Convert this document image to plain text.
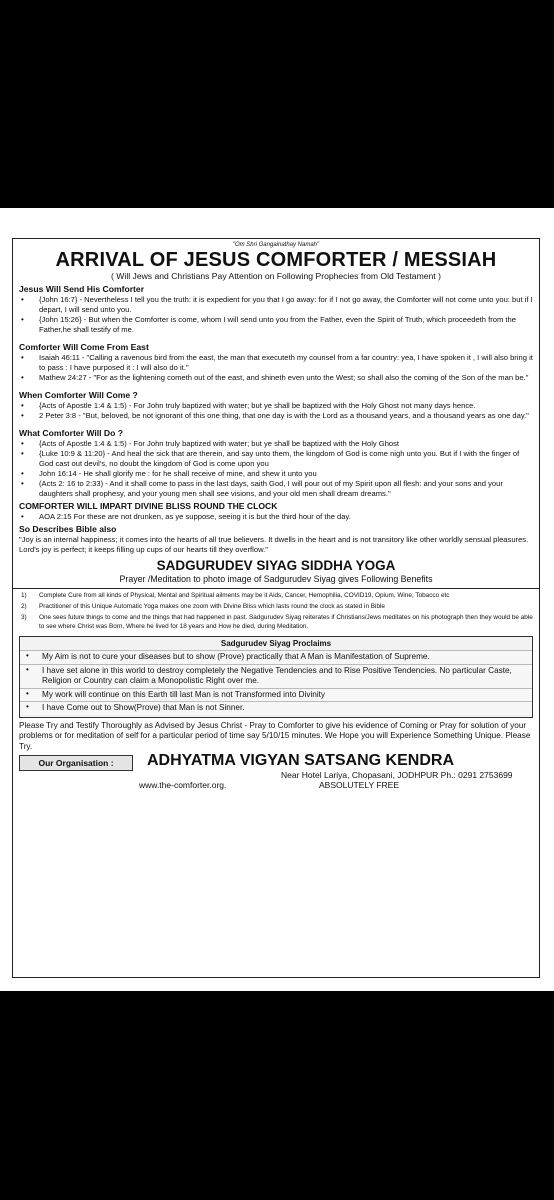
"Om Shri Gangainathay Namah"
ARRIVAL OF JESUS COMFORTER / MESSIAH
( Will Jews and Christians Pay Attention on Following Prophecies from Old Testament )
Jesus Will Send His Comforter
• {John 16:7} - Nevertheless I tell you the truth: it is expedient for you that I go away: for if I not go away, the Comforter will not come unto you: but if I depart, I will send unto you.
• {John 15:26} - But when the Comforter is come, whom I will send unto you from the Father, even the Spirit of Truth, which proceedeth from the Father,he shall testify of me.
Comforter Will Come From East
• Isaiah 46:11 - "Calling a ravenous bird from the east, the man that executeth my counsel from a far country: yea, I have spoken it , I will also bring it to pass : I have purposed it : I will also do it."
• Mathew 24:27 - "For as the lightening cometh out of the east, and shineth even unto the West; so shall also the coming of the Son of the man be."
When Comforter Will Come ?
• {Acts of Apostle 1:4 & 1:5) - For John truly baptized with water; but ye shall be baptized with the Holy Ghost not many days hence.
• 2 Peter 3:8 - "But, beloved, be not ignorant of this one thing, that one day is with the Lord as a thousand years, and a thousand years as one day."
What Comforter Will Do ?
• {Acts of Apostle 1:4 & 1:5) - For John truly baptized with water; but ye shall be baptized with the Holy Ghost
• {Luke 10:9 & 11:20} - And heal the sick that are therein, and say unto them, the kingdom of God is come nigh unto you. But if I with the finger of God cast out devil's, no doubt the kingdom of God is come upon you
• John 16:14 - He shall glorify me : for he shall receive of mine, and shew it unto you
• (Acts 2: 16 to 2:33) - And it shall come to pass in the last days, saith God, I will pour out of my Spirit upon all flesh: and your sons and your daughters shall prophesy, and your young men shall see visions, and your old men shall dream dreams."
COMFORTER WILL IMPART DIVINE BLISS ROUND THE CLOCK
• AOA 2:15 For these are not drunken, as ye suppose, seeing it is but the third hour of the day.
So Describes Bible also
"Joy is an internal happiness; it comes into the hearts of all true believers. It dwells in the heart and is not transitory like other worldly sensual pleasures. Lord's joy is perfect; it keeps filling up cups of our hearts till they overflow."
SADGURUDEV SIYAG SIDDHA YOGA
Prayer /Meditation to photo image of Sadgurudev Siyag gives Following Benefits
1) Complete Cure from all kinds of Physical, Mental and Spiritual ailments may be it Aids, Cancer, Hemophilia, COVID19, Opium, Wine, Tobacco etc
2) Practitioner of this Unique Automatic Yoga makes one zoom with Divine Bliss which lasts round the clock as stated in Bible
3) One sees future things to come and the things that had happened in past. Sadgurudev Siyag reiterates if Christians/Jews meditates on his photograph then they would be able to see where Christ was Born, Where he lived for 18 years and How he died, during Meditation.
Sadgurudev Siyag Proclaims
• My Aim is not to cure your diseases but to show (Prove) practically that A Man is Manifestation of Supreme.
• I have set alone in this world to destroy completely the Negative Tendencies and to Rise Positive Tendencies. No particular Caste, Religion or Country can claim a Monopolistic Right over me.
• My work will continue on this Earth till last Man is not Transformed into Divinity
• I have Come out to Show(Prove) that Man is not Sinner.
Please Try and Testify Thoroughly as Advised by Jesus Christ - Pray to Comforter to give his evidence of Coming or Pray for solution of your problems or for meditation of self for a particular period of time say 5/10/15 minutes. We Hope you will Experience Something Unique. Please Try.
Our Organisation :	ADHYATMA VIGYAN SATSANG KENDRA
Near Hotel Lariya, Chopasani, JODHPUR Ph.: 0291 2753699
www.the-comforter.org.	ABSOLUTELY FREE
